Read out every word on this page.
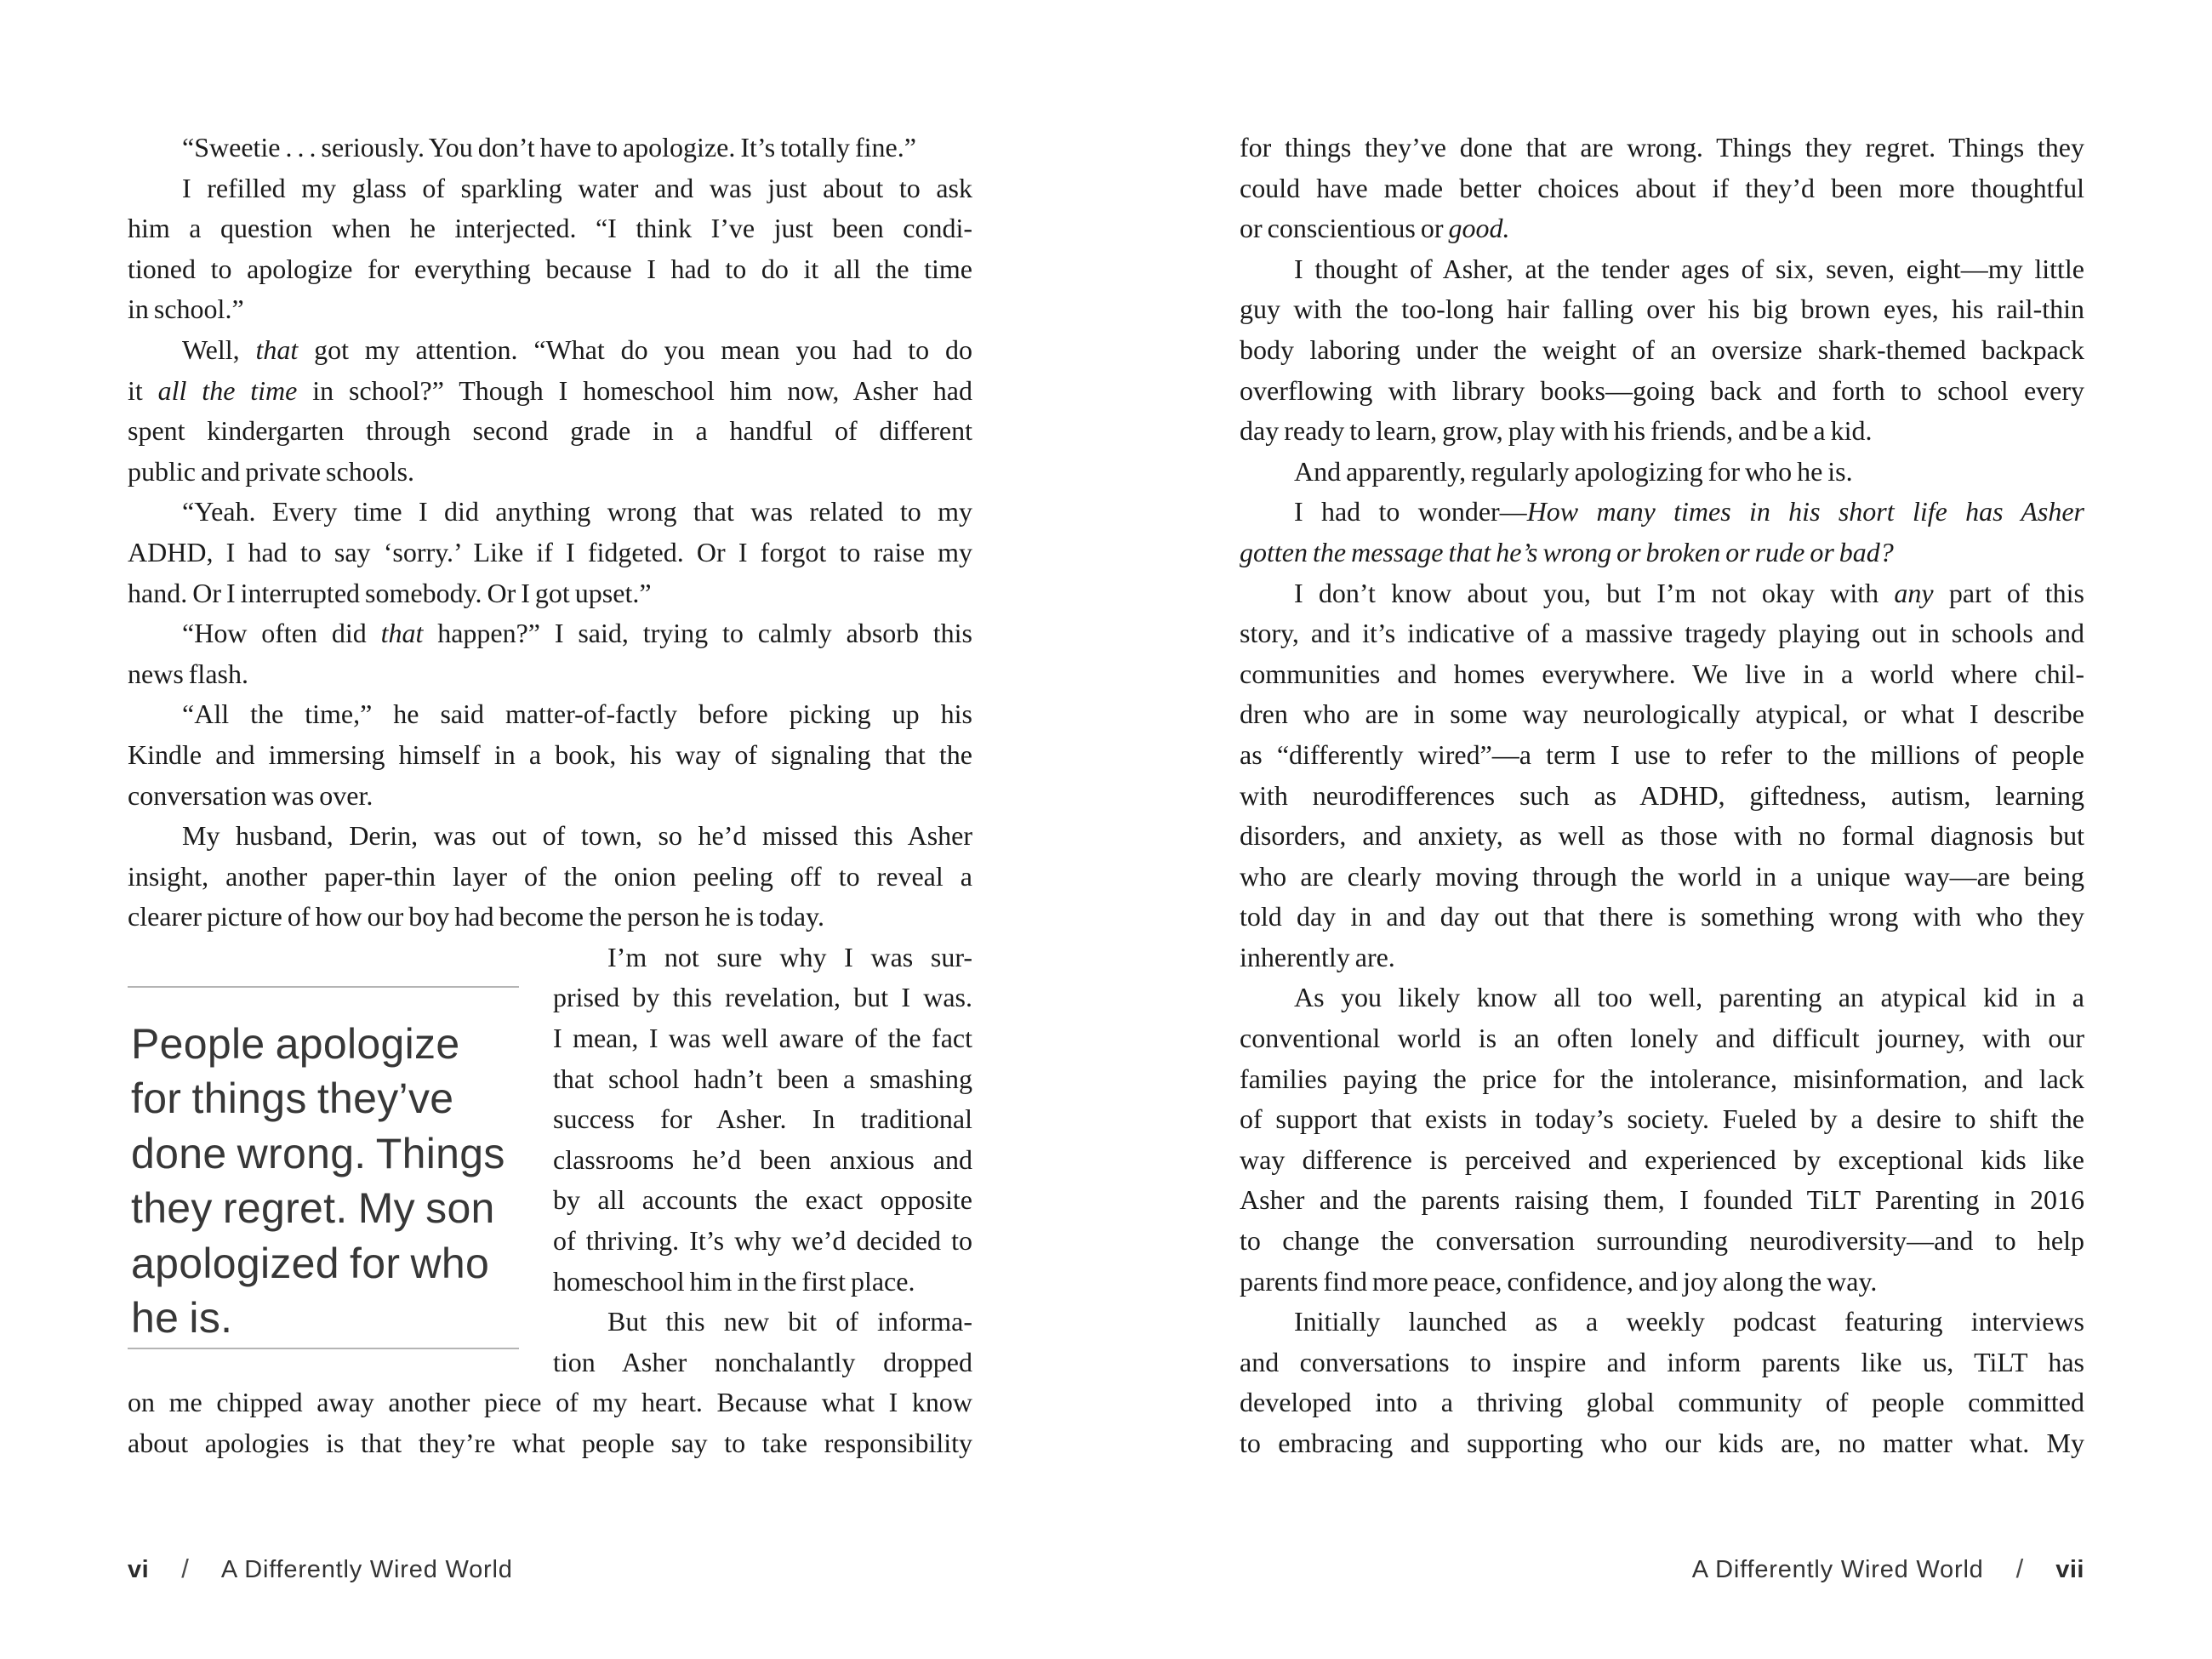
“Sweetie . . . seriously. You don’t have to apologize. It’s totally fine.”
I refilled my glass of sparkling water and was just about to ask
him a question when he interjected. “I think I’ve just been condi-
tioned to apologize for everything because I had to do it all the time
in school.”
Well, that got my attention. “What do you mean you had to do
it all the time in school?” Though I homeschool him now, Asher had
spent kindergarten through second grade in a handful of different
public and private schools.
“Yeah. Every time I did anything wrong that was related to my
ADHD, I had to say ‘sorry.’ Like if I fidgeted. Or I forgot to raise my
hand. Or I interrupted somebody. Or I got upset.”
“How often did that happen?” I said, trying to calmly absorb this
news flash.
“All the time,” he said matter-of-factly before picking up his
Kindle and immersing himself in a book, his way of signaling that the
conversation was over.
My husband, Derin, was out of town, so he’d missed this Asher
insight, another paper-thin layer of the onion peeling off to reveal a
clearer picture of how our boy had become the person he is today.
People apologize
for things they’ve
done wrong. Things
they regret. My son
apologized for who
he is.
I’m not sure why I was sur-
prised by this revelation, but I was.
I mean, I was well aware of the fact
that school hadn’t been a smashing
success for Asher. In traditional
classrooms he’d been anxious and
by all accounts the exact opposite
of thriving. It’s why we’d decided to
homeschool him in the first place.
But this new bit of informa-
tion Asher nonchalantly dropped
on me chipped away another piece of my heart. Because what I know
about apologies is that they’re what people say to take responsibility
vi / A Differently Wired World
for things they’ve done that are wrong. Things they regret. Things they
could have made better choices about if they’d been more thoughtful
or conscientious or good.
I thought of Asher, at the tender ages of six, seven, eight—my little
guy with the too-long hair falling over his big brown eyes, his rail-thin
body laboring under the weight of an oversize shark-themed backpack
overflowing with library books—going back and forth to school every
day ready to learn, grow, play with his friends, and be a kid.
And apparently, regularly apologizing for who he is.
I had to wonder—How many times in his short life has Asher
gotten the message that he’s wrong or broken or rude or bad?
I don’t know about you, but I’m not okay with any part of this
story, and it’s indicative of a massive tragedy playing out in schools and
communities and homes everywhere. We live in a world where chil-
dren who are in some way neurologically atypical, or what I describe
as “differently wired”—a term I use to refer to the millions of people
with neurodifferences such as ADHD, giftedness, autism, learning
disorders, and anxiety, as well as those with no formal diagnosis but
who are clearly moving through the world in a unique way—are being
told day in and day out that there is something wrong with who they
inherently are.
As you likely know all too well, parenting an atypical kid in a
conventional world is an often lonely and difficult journey, with our
families paying the price for the intolerance, misinformation, and lack
of support that exists in today’s society. Fueled by a desire to shift the
way difference is perceived and experienced by exceptional kids like
Asher and the parents raising them, I founded TiLT Parenting in 2016
to change the conversation surrounding neurodiversity—and to help
parents find more peace, confidence, and joy along the way.
Initially launched as a weekly podcast featuring interviews
and conversations to inspire and inform parents like us, TiLT has
developed into a thriving global community of people committed
to embracing and supporting who our kids are, no matter what. My
A Differently Wired World / vii
